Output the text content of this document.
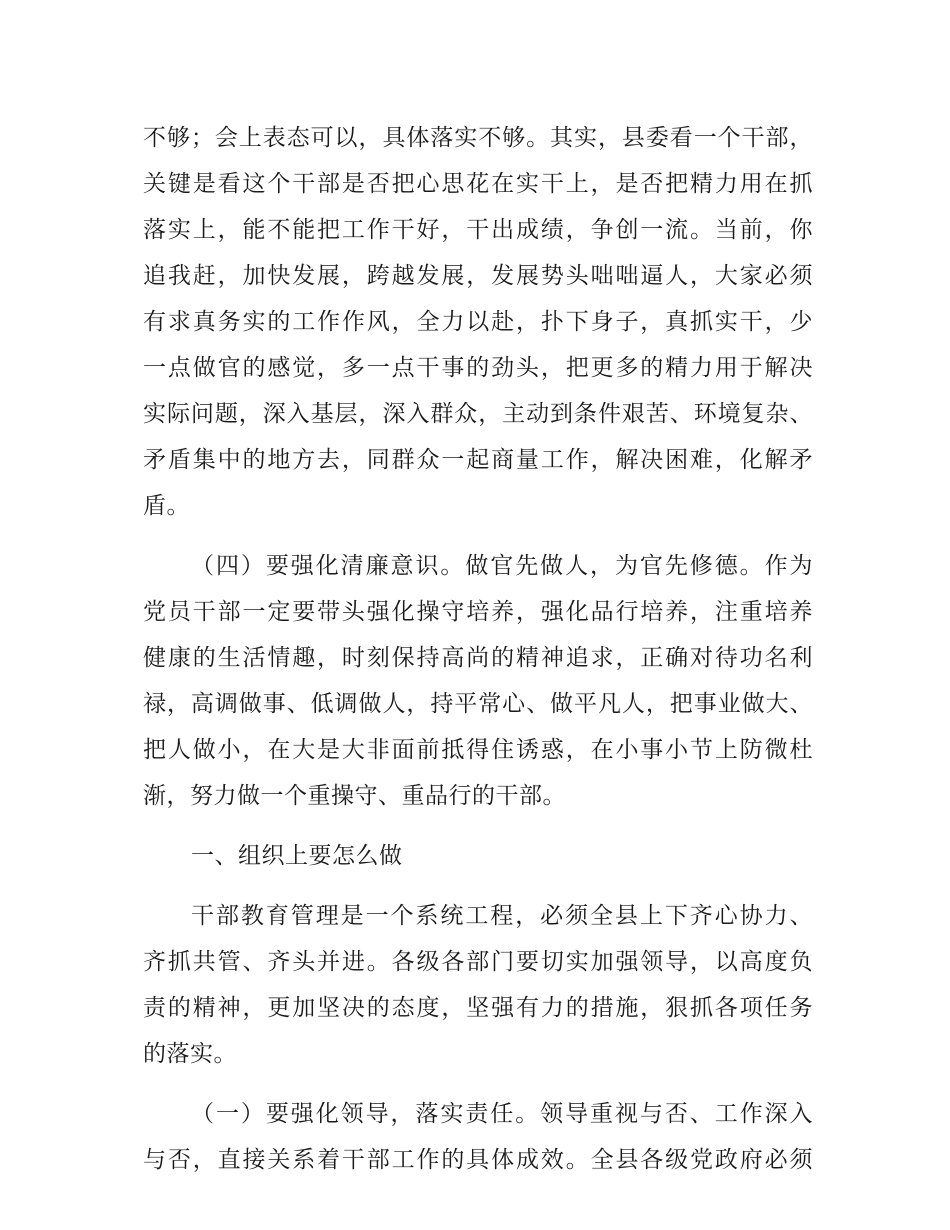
不够；会上表态可以，具体落实不够。其实，县委看一个干部，
关键是看这个干部是否把心思花在实干上，是否把精力用在抓
落实上，能不能把工作干好，干出成绩，争创一流。当前，你
追我赶，加快发展，跨越发展，发展势头咄咄逼人，大家必须
有求真务实的工作作风，全力以赴，扑下身子，真抓实干，少
一点做官的感觉，多一点干事的劲头，把更多的精力用于解决
实际问题，深入基层，深入群众，主动到条件艰苦、环境复杂、
矛盾集中的地方去，同群众一起商量工作，解决困难，化解矛
盾。
（四）要强化清廉意识。做官先做人，为官先修德。作为
党员干部一定要带头强化操守培养，强化品行培养，注重培养
健康的生活情趣，时刻保持高尚的精神追求，正确对待功名利
禄，高调做事、低调做人，持平常心、做平凡人，把事业做大、
把人做小，在大是大非面前抵得住诱惑，在小事小节上防微杜
渐，努力做一个重操守、重品行的干部。
一、组织上要怎么做
干部教育管理是一个系统工程，必须全县上下齐心协力、
齐抓共管、齐头并进。各级各部门要切实加强领导，以高度负
责的精神，更加坚决的态度，坚强有力的措施，狠抓各项任务
的落实。
（一）要强化领导，落实责任。领导重视与否、工作深入
与否，直接关系着干部工作的具体成效。全县各级党政府必须
